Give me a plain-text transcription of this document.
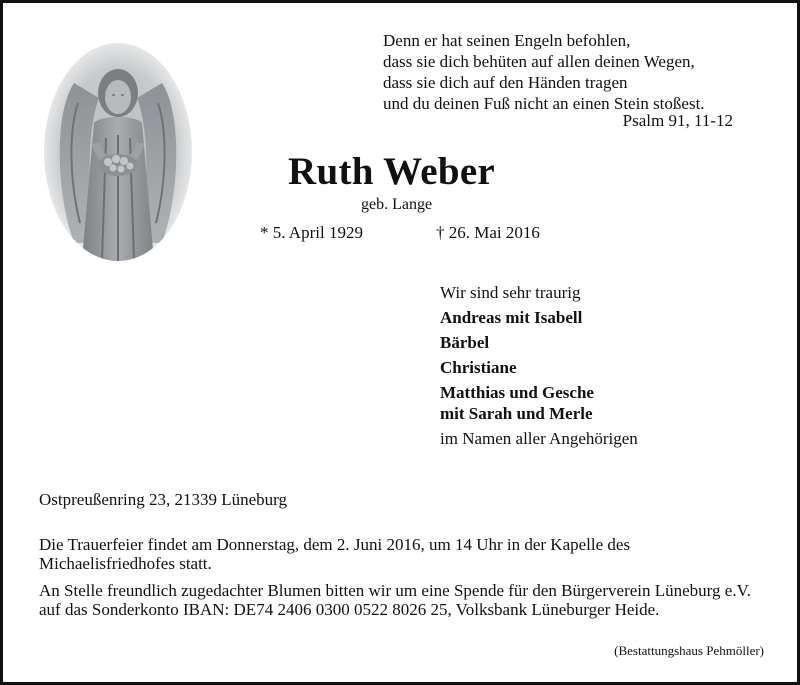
Denn er hat seinen Engeln befohlen,
dass sie dich behüten auf allen deinen Wegen,
dass sie dich auf den Händen tragen
und du deinen Fuß nicht an einen Stein stoßest.
Psalm 91, 11-12
Ruth Weber
geb. Lange
* 5. April 1929	† 26. Mai 2016
Wir sind sehr traurig
Andreas mit Isabell
Bärbel
Christiane
Matthias und Gesche
mit Sarah und Merle
im Namen aller Angehörigen
Ostpreußenring 23, 21339 Lüneburg
Die Trauerfeier findet am Donnerstag, dem 2. Juni 2016, um 14 Uhr in der Kapelle des Michaelisfriedhofes statt.
An Stelle freundlich zugedachter Blumen bitten wir um eine Spende für den Bürgerverein Lüneburg e.V. auf das Sonderkonto IBAN: DE74 2406 0300 0522 8026 25, Volksbank Lüneburger Heide.
(Bestattungshaus Pehmöller)
